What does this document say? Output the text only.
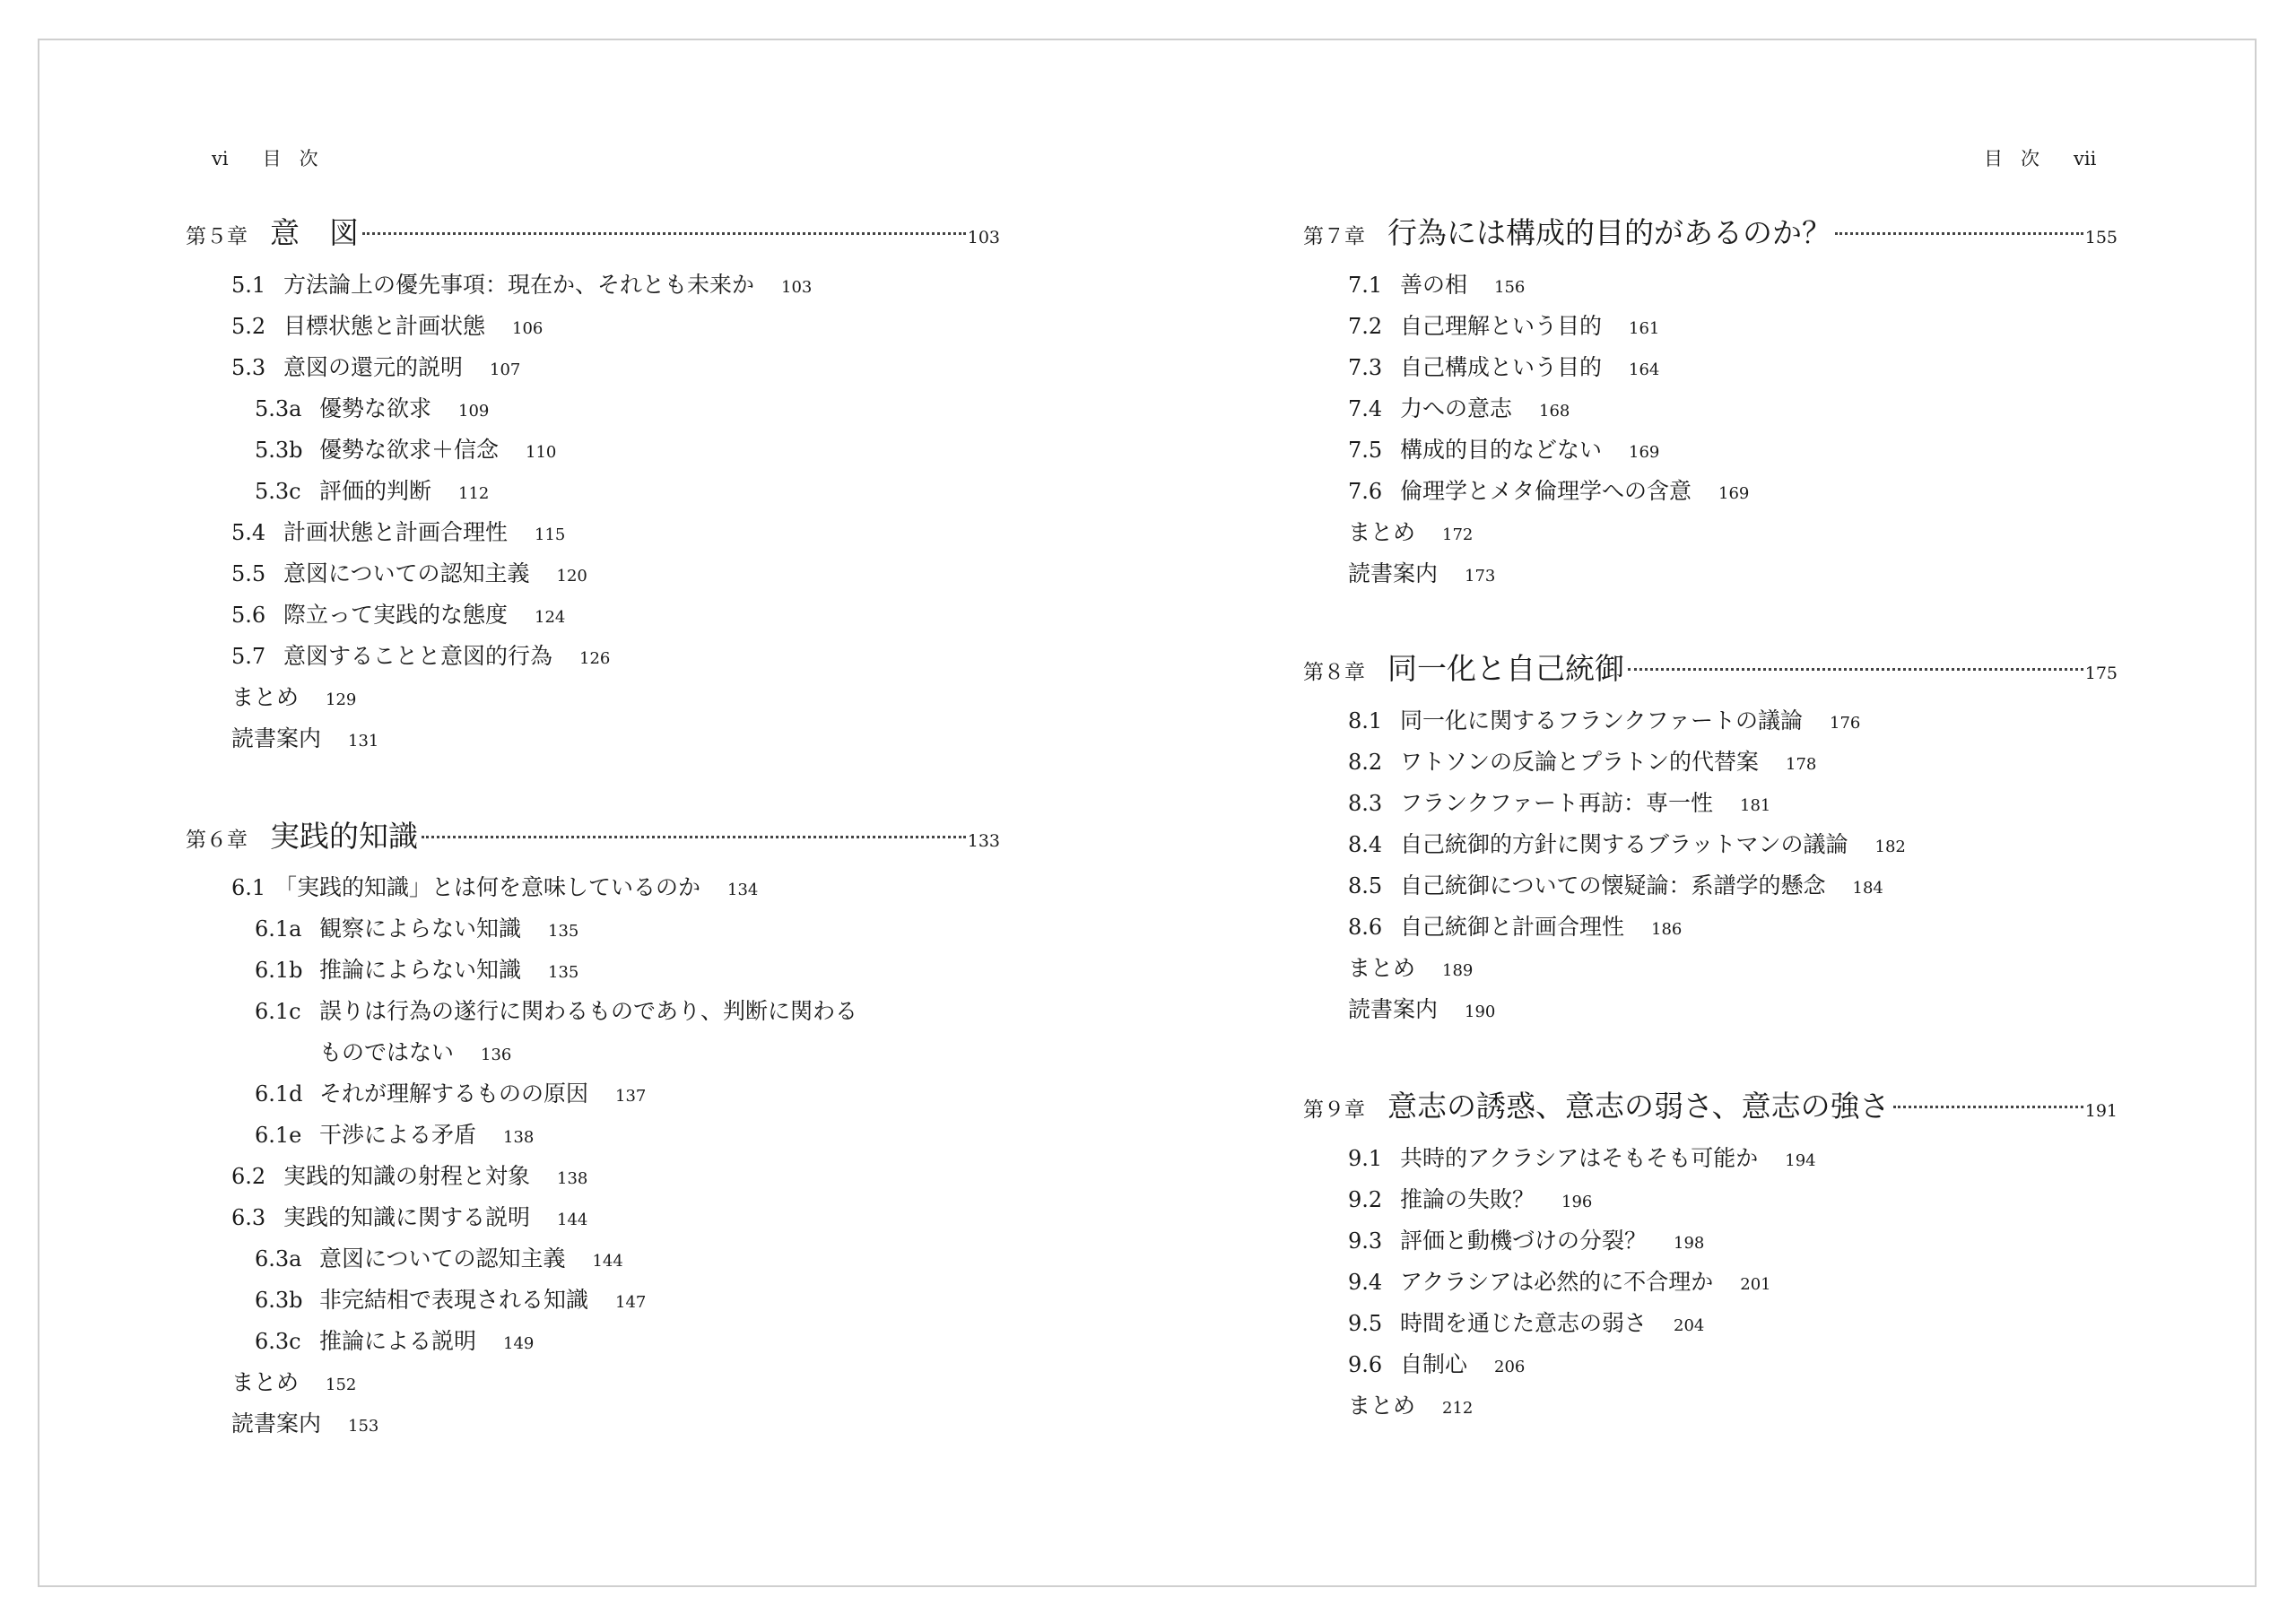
vi 目 次
第５章 意　図	103
5.1 方法論上の優先事項：現在か、それとも未来か 103
5.2 目標状態と計画状態 106
5.3 意図の還元的説明 107
5.3a 優勢な欲求 109
5.3b 優勢な欲求＋信念 110
5.3c 評価的判断 112
5.4 計画状態と計画合理性 115
5.5 意図についての認知主義 120
5.6 際立って実践的な態度 124
5.7 意図することと意図的行為 126
まとめ 129
読書案内 131
第６章 実践的知識	133
6.1 「実践的知識」とは何を意味しているのか 134
6.1a 観察によらない知識 135
6.1b 推論によらない知識 135
6.1c 誤りは行為の遂行に関わるものであり、判断に関わる
ものではない 136
6.1d それが理解するものの原因 137
6.1e 干渉による矛盾 138
6.2 実践的知識の射程と対象 138
6.3 実践的知識に関する説明 144
6.3a 意図についての認知主義 144
6.3b 非完結相で表現される知識 147
6.3c 推論による説明 149
まとめ 152
読書案内 153
目 次 vii
第７章 行為には構成的目的があるのか？	155
7.1 善の相 156
7.2 自己理解という目的 161
7.3 自己構成という目的 164
7.4 力への意志 168
7.5 構成的目的などない 169
7.6 倫理学とメタ倫理学への含意 169
まとめ 172
読書案内 173
第８章 同一化と自己統御	175
8.1 同一化に関するフランクファートの議論 176
8.2 ワトソンの反論とプラトン的代替案 178
8.3 フランクファート再訪：専一性 181
8.4 自己統御的方針に関するブラットマンの議論 182
8.5 自己統御についての懐疑論：系譜学的懸念 184
8.6 自己統御と計画合理性 186
まとめ 189
読書案内 190
第９章 意志の誘惑、意志の弱さ、意志の強さ	191
9.1 共時的アクラシアはそもそも可能か 194
9.2 推論の失敗？ 196
9.3 評価と動機づけの分裂？ 198
9.4 アクラシアは必然的に不合理か 201
9.5 時間を通じた意志の弱さ 204
9.6 自制心 206
まとめ 212
